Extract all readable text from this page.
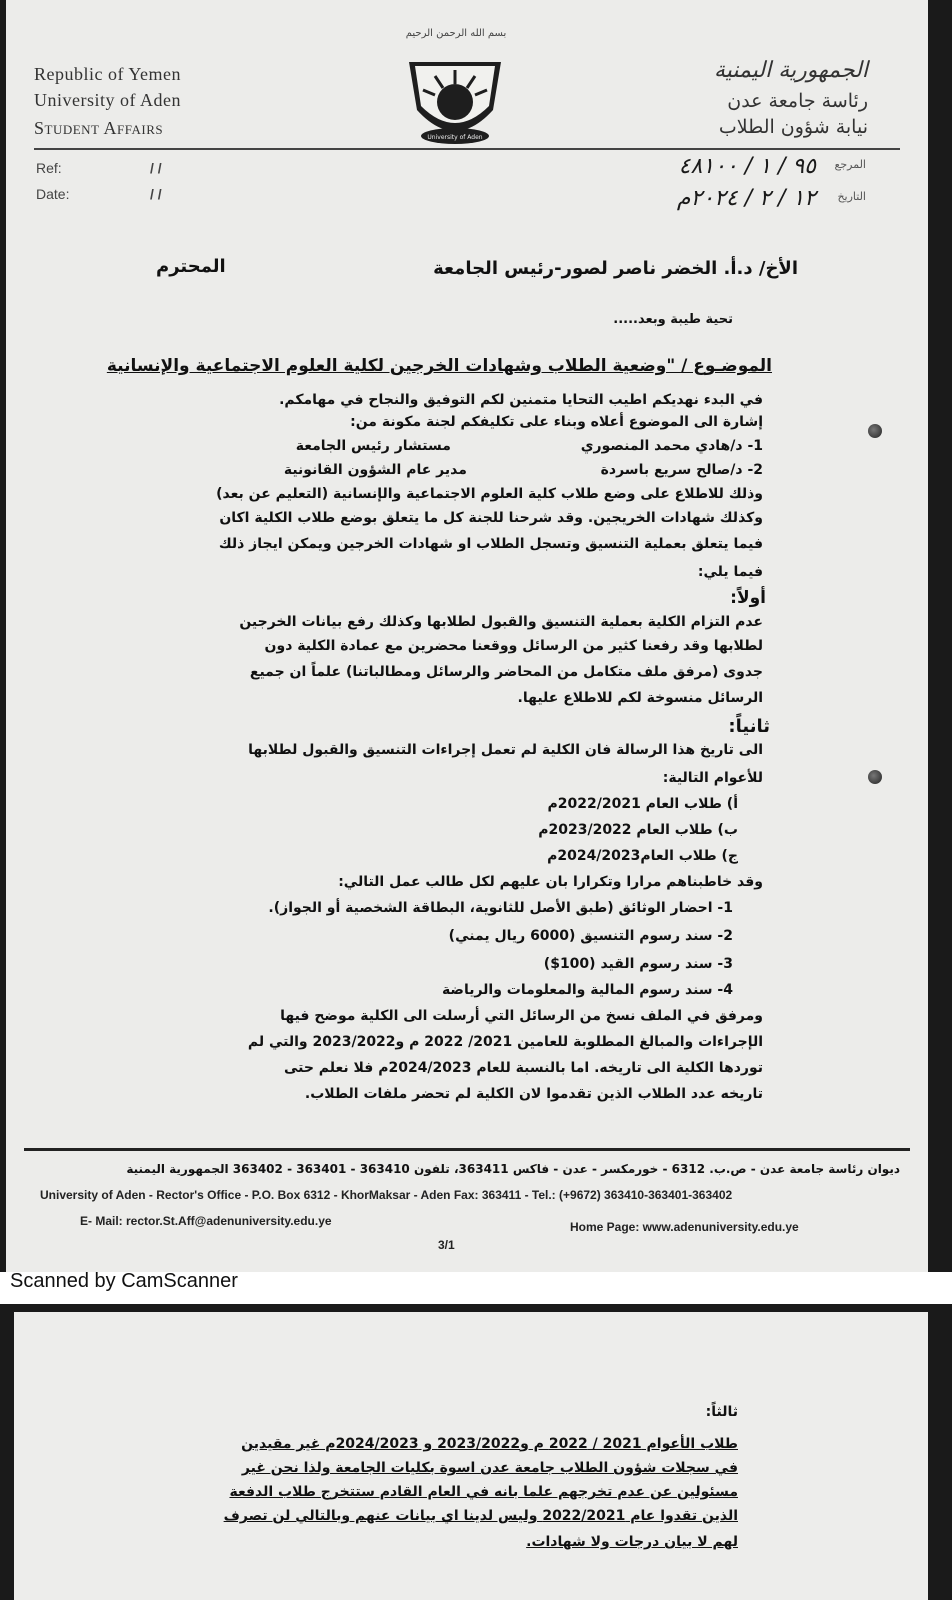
Republic of Yemen
University of Aden
Student Affairs
بسم الله الرحمن الرحيم
University of Aden
الجمهورية اليمنية
رئاسة جامعة عدن
نيابة شؤون الطلاب
Ref:	/ /
Date:	/ /
المرجع
٩٥ / ١ / ٤٨١٠٠
التاريخ
١٢ / ٢ / ٢٠٢٤م
الأخ/ د.أ. الخضر ناصر لصور-رئيس الجامعة
المحترم
تحية طيبة وبعد.....
الموضـوع / "وضعية الطلاب وشهادات الخرجين لكلية العلوم الاجتماعية والإنسانية
في البدء نهديكم اطيب التحايا متمنين لكم التوفيق والنجاح في مهامكم.
إشارة الى الموضوع أعلاه وبناء على تكليفكم لجنة مكونة من:
1- د/هادي محمد المنصوري  مستشار رئيس الجامعة
2- د/صالح سريع باسردة  مدير عام الشؤون القانونية
وذلك للاطلاع على وضع طلاب كلية العلوم الاجتماعية والإنسانية (التعليم عن بعد)
وكذلك شهادات الخريجين. وقد شرحنا للجنة كل ما يتعلق بوضع طلاب الكلية اكان
فيما يتعلق بعملية التنسيق وتسجل الطلاب او شهادات الخرجين ويمكن ايجاز ذلك
فيما يلي:
أولاً:
عدم التزام الكلية بعملية التنسيق والقبول لطلابها وكذلك رفع بيانات الخرجين
لطلابها وقد رفعنا كثير من الرسائل ووقعنا محضرين مع عمادة الكلية دون
جدوى (مرفق ملف متكامل من المحاضر والرسائل ومطالباتنا) علماً ان جميع
الرسائل منسوخة لكم للاطلاع عليها.
ثانياً:
الى تاريخ هذا الرسالة فان الكلية لم تعمل إجراءات التنسيق والقبول لطلابها
للأعوام التالية:
أ) طلاب العام 2022/2021م
ب) طلاب العام 2023/2022م
ج) طلاب العام2024/2023م
وقد خاطبناهم مرارا وتكرارا بان عليهم لكل طالب عمل التالي:
1- احضار الوثائق (طبق الأصل للثانوية، البطاقة الشخصية أو الجواز).
2- سند رسوم التنسيق (6000 ريال يمني)
3- سند رسوم القيد (100$)
4- سند رسوم المالية والمعلومات والرياضة
ومرفق في الملف نسخ من الرسائل التي أرسلت الى الكلية موضح فيها
الإجراءات والمبالغ المطلوبة للعامين 2021/ 2022 م و2023/2022 والتي لم
توردها الكلية الى تاريخه. اما بالنسبة للعام 2024/2023م فلا نعلم حتى
تاريخه عدد الطلاب الذين تقدموا لان الكلية لم تحضر ملفات الطلاب.
ديوان رئاسة جامعة عدن - ص.ب. 6312 - خورمكسر - عدن - فاكس 363411، تلفون 363410 - 363401 - 363402 الجمهورية اليمنية
University of Aden - Rector's Office - P.O. Box 6312 - KhorMaksar - Aden Fax: 363411 - Tel.: (+9672) 363410-363401-363402
E- Mail: rector.St.Aff@adenuniversity.edu.ye	Home Page: www.adenuniversity.edu.ye
3/1
Scanned by CamScanner
ثالثاً:
طلاب الأعوام 2021 / 2022 م و2023/2022 و 2024/2023م غير مقيدين
في سجلات شؤون الطلاب جامعة عدن اسوة بكليات الجامعة ولذا نحن غير
مسئولين عن عدم تخرجهم علما بانه في العام القادم ستتخرج طلاب الدفعة
الذين تقدوا عام 2022/2021 وليس لدينا اي بيانات عنهم وبالتالي لن تصرف
لهم لا بيان درجات ولا شهادات.
